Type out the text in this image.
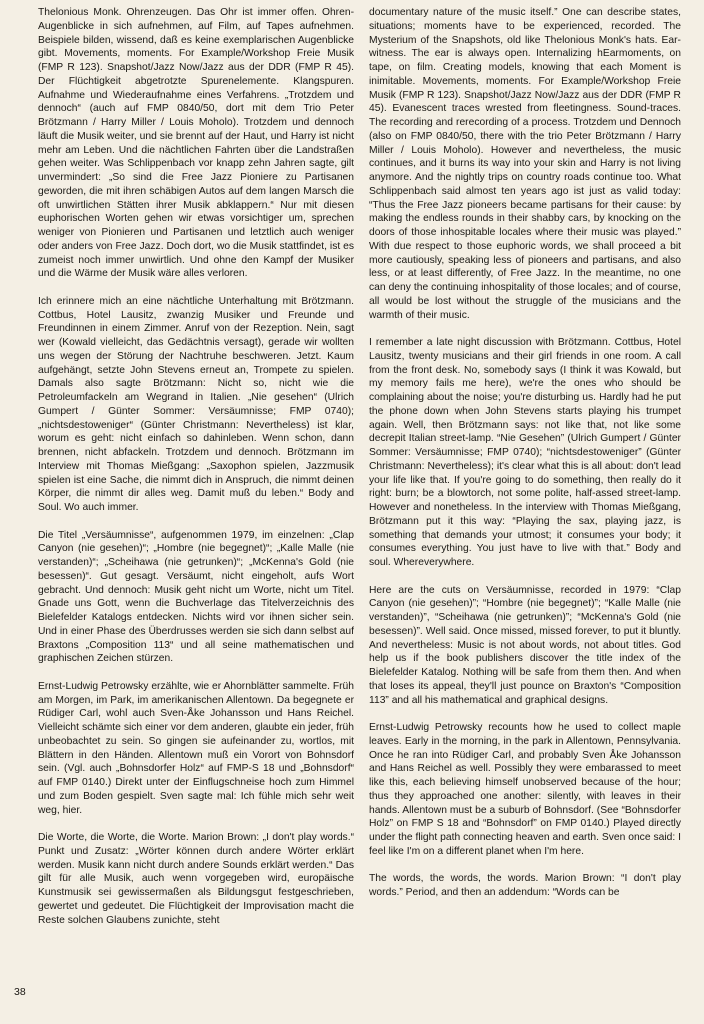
Thelonious Monk. Ohrenzeugen. Das Ohr ist immer offen. Ohren-Augenblicke in sich aufnehmen, auf Film, auf Tapes aufnehmen. Beispiele bilden, wissend, daß es keine exemplarischen Augenblicke gibt. Movements, moments. For Example/Workshop Freie Musik (FMP R 123). Snapshot/Jazz Now/Jazz aus der DDR (FMP R 45). Der Flüchtigkeit abgetrotzte Spurenelemente. Klangspuren. Aufnahme und Wiederaufnahme eines Verfahrens. „Trotzdem und dennoch“ (auch auf FMP 0840/50, dort mit dem Trio Peter Brötzmann / Harry Miller / Louis Moholo). Trotzdem und dennoch läuft die Musik weiter, und sie brennt auf der Haut, und Harry ist nicht mehr am Leben. Und die nächtlichen Fahrten über die Landstraßen gehen weiter. Was Schlippenbach vor knapp zehn Jahren sagte, gilt unvermindert: „So sind die Free Jazz Pioniere zu Partisanen geworden, die mit ihren schäbigen Autos auf dem langen Marsch die oft unwirtlichen Stätten ihrer Musik abklappern.“ Nur mit diesen euphorischen Worten gehen wir etwas vorsichtiger um, sprechen weniger von Pionieren und Partisanen und letztlich auch weniger oder anders von Free Jazz. Doch dort, wo die Musik stattfindet, ist es zumeist noch immer unwirtlich. Und ohne den Kampf der Musiker und die Wärme der Musik wäre alles verloren.

Ich erinnere mich an eine nächtliche Unterhaltung mit Brötzmann. Cottbus, Hotel Lausitz, zwanzig Musiker und Freunde und Freundinnen in einem Zimmer. Anruf von der Rezeption. Nein, sagt wer (Kowald vielleicht, das Gedächtnis versagt), gerade wir wollten uns wegen der Störung der Nachtruhe beschweren. Jetzt. Kaum aufgehängt, setzte John Stevens erneut an, Trompete zu spielen. Damals also sagte Brötzmann: Nicht so, nicht wie die Petroleumfackeln am Wegrand in Italien. „Nie gesehen“ (Ulrich Gumpert / Günter Sommer: Versäumnisse; FMP 0740); „nichtsdestoweniger“ (Günter Christmann: Nevertheless) ist klar, worum es geht: nicht einfach so dahinleben. Wenn schon, dann brennen, nicht abfackeln. Trotzdem und dennoch. Brötzmann im Interview mit Thomas Mießgang: „Saxophon spielen, Jazzmusik spielen ist eine Sache, die nimmt dich in Anspruch, die nimmt deinen Körper, die nimmt dir alles weg. Damit muß du leben.“ Body and Soul. Wo auch immer.

Die Titel „Versäumnisse“, aufgenommen 1979, im einzelnen: „Clap Canyon (nie gesehen)“; „Hombre (nie begegnet)“; „Kalle Malle (nie verstanden)“; „Scheihawa (nie getrunken)“; „McKenna's Gold (nie besessen)“. Gut gesagt. Versäumt, nicht eingeholt, aufs Wort gebracht. Und dennoch: Musik geht nicht um Worte, nicht um Titel. Gnade uns Gott, wenn die Buchverlage das Titelverzeichnis des Bielefelder Katalogs entdecken. Nichts wird vor ihnen sicher sein. Und in einer Phase des Überdrusses werden sie sich dann selbst auf Braxtons „Composition 113“ und all seine mathematischen und graphischen Zeichen stürzen.

Ernst-Ludwig Petrowsky erzählte, wie er Ahornblätter sammelte. Früh am Morgen, im Park, im amerikanischen Allentown. Da begegnete er Rüdiger Carl, wohl auch Sven-Åke Johansson und Hans Reichel. Vielleicht schämte sich einer vor dem anderen, glaubte ein jeder, früh unbeobachtet zu sein. So gingen sie aufeinander zu, wortlos, mit Blättern in den Händen. Allentown muß ein Vorort von Bohnsdorf sein. (Vgl. auch „Bohnsdorfer Holz“ auf FMP-S 18 und „Bohnsdorf“ auf FMP 0140.) Direkt unter der Einflugschneise hoch zum Himmel und zum Boden gespielt. Sven sagte mal: Ich fühle mich sehr weit weg, hier.

Die Worte, die Worte, die Worte. Marion Brown: „I don't play words.“ Punkt und Zusatz: „Wörter können durch andere Wörter erklärt werden. Musik kann nicht durch andere Sounds erklärt werden.“ Das gilt für alle Musik, auch wenn vorgegeben wird, europäische Kunstmusik sei gewissermaßen als Bildungsgut festgeschrieben, gewertet und gedeutet. Die Flüchtigkeit der Improvisation macht die Reste solchen Glaubens zunichte, steht

documentary nature of the music itself.” One can describe states, situations; moments have to be experienced, recorded. The Mysterium of the Snapshots, old like Thelonious Monk's hats. Ear-witness. The ear is always open. Internalizing hEarmoments, on tape, on film. Creating models, knowing that each Moment is inimitable. Movements, moments. For Example/Workshop Freie Musik (FMP R 123). Snapshot/Jazz Now/Jazz aus der DDR (FMP R 45). Evanescent traces wrested from fleetingness. Sound-traces. The recording and rerecording of a process. Trotzdem und Dennoch (also on FMP 0840/50, there with the trio Peter Brötzmann / Harry Miller / Louis Moholo). However and nevertheless, the music continues, and it burns its way into your skin and Harry is not living anymore. And the nightly trips on country roads continue too. What Schlippenbach said almost ten years ago ist just as valid today: “Thus the Free Jazz pioneers became partisans for their cause: by making the endless rounds in their shabby cars, by knocking on the doors of those inhospitable locales where their music was played.” With due respect to those euphoric words, we shall proceed a bit more cautiously, speaking less of pioneers and partisans, and also less, or at least differently, of Free Jazz. In the meantime, no one can deny the continuing inhospitality of those locales; and of course, all would be lost without the struggle of the musicians and the warmth of their music.

I remember a late night discussion with Brötzmann. Cottbus, Hotel Lausitz, twenty musicians and their girl friends in one room. A call from the front desk. No, somebody says (I think it was Kowald, but my memory fails me here), we're the ones who should be complaining about the noise; you're disturbing us. Hardly had he put the phone down when John Stevens starts playing his trumpet again. Well, then Brötzmann says: not like that, not like some decrepit Italian street-lamp. “Nie Gesehen” (Ulrich Gumpert / Günter Sommer: Versäumnisse; FMP 0740); “nichtsdestoweniger” (Günter Christmann: Nevertheless); it's clear what this is all about: don't lead your life like that. If you're going to do something, then really do it right: burn; be a blowtorch, not some polite, half-assed street-lamp. However and nonetheless. In the interview with Thomas Mießgang, Brötzmann put it this way: “Playing the sax, playing jazz, is something that demands your utmost; it consumes your body; it consumes everything. You just have to live with that.” Body and soul. Whereverywhere.

Here are the cuts on Versäumnisse, recorded in 1979: “Clap Canyon (nie gesehen)”; “Hombre (nie begegnet)”; “Kalle Malle (nie verstanden)”, “Scheihawa (nie getrunken)”; “McKenna's Gold (nie besessen)”. Well said. Once missed, missed forever, to put it bluntly. And nevertheless: Music is not about words, not about titles. God help us if the book publishers discover the title index of the Bielefelder Katalog. Nothing will be safe from them then. And when that loses its appeal, they'll just pounce on Braxton's “Composition 113” and all his mathematical and graphical designs.

Ernst-Ludwig Petrowsky recounts how he used to collect maple leaves. Early in the morning, in the park in Allentown, Pennsylvania. Once he ran into Rüdiger Carl, and probably Sven Åke Johansson and Hans Reichel as well. Possibly they were embarassed to meet like this, each believing himself unobserved because of the hour; thus they approached one another: silently, with leaves in their hands. Allentown must be a suburb of Bohnsdorf. (See “Bohnsdorfer Holz” on FMP S 18 and “Bohnsdorf” on FMP 0140.) Played directly under the flight path connecting heaven and earth. Sven once said: I feel like I'm on a different planet when I'm here.

The words, the words, the words. Marion Brown: “I don't play words.” Period, and then an addendum: “Words can be

38
